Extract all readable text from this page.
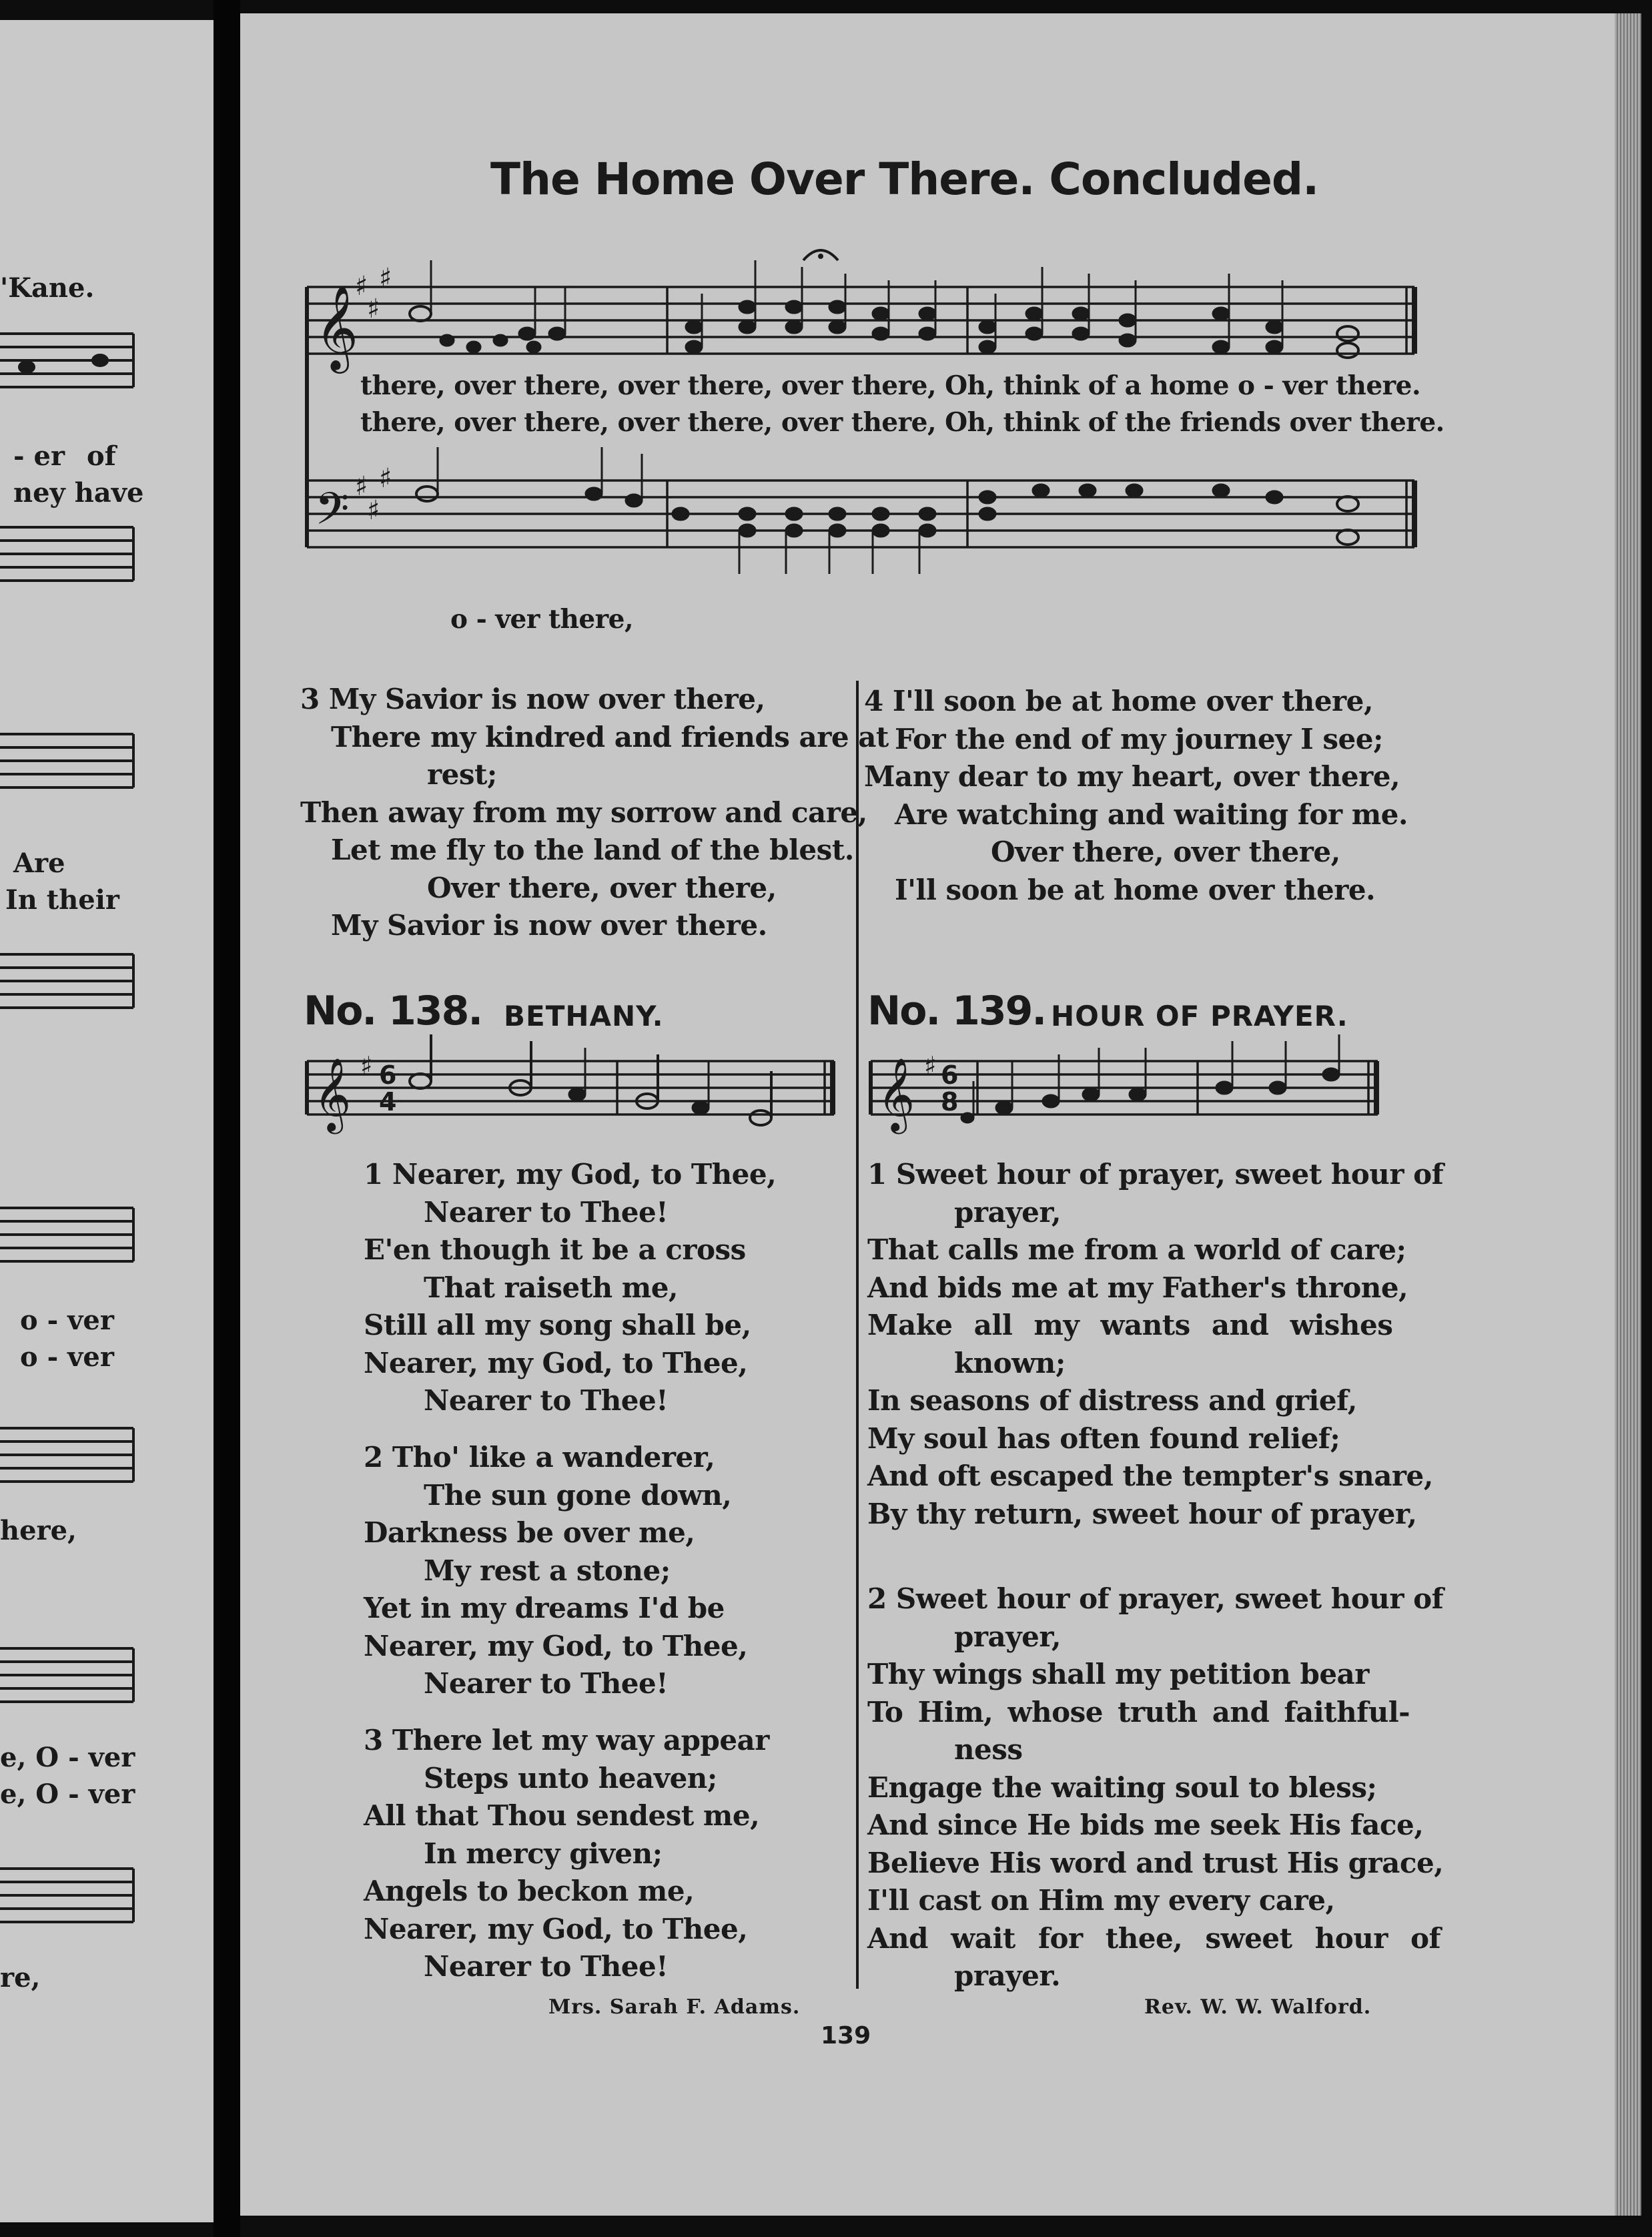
'Kane.
- er of
ney have
Are
In their
o - ver
o - ver
here,
e, O - ver
e, O - ver
re,
The Home Over There. Concluded.
𝄞
𝄢
♯
♯
♯
♯
♯
♯
there, over there, over there, over there, Oh, think of a home o - ver there.
there, over there, over there, over there, Oh, think of the friends over there.
o - ver there,
3 My Savior is now over there,
There my kindred and friends are at
rest;
Then away from my sorrow and care,
Let me fly to the land of the blest.
Over there, over there,
My Savior is now over there.
4 I'll soon be at home over there,
For the end of my journey I see;
Many dear to my heart, over there,
Are watching and waiting for me.
Over there, over there,
I'll soon be at home over there.
No. 138. BETHANY.
𝄞 ♯ 6
4
1 Nearer, my God, to Thee,
Nearer to Thee!
E'en though it be a cross
That raiseth me,
Still all my song shall be,
Nearer, my God, to Thee,
Nearer to Thee!
2 Tho' like a wanderer,
The sun gone down,
Darkness be over me,
My rest a stone;
Yet in my dreams I'd be
Nearer, my God, to Thee,
Nearer to Thee!
3 There let my way appear
Steps unto heaven;
All that Thou sendest me,
In mercy given;
Angels to beckon me,
Nearer, my God, to Thee,
Nearer to Thee!
Mrs. Sarah F. Adams.
No. 139. HOUR OF PRAYER.
𝄞 ♯ 6
8
1 Sweet hour of prayer, sweet hour of
prayer,
That calls me from a world of care;
And bids me at my Father's throne,
Make all my wants and wishes
known;
In seasons of distress and grief,
My soul has often found relief;
And oft escaped the tempter's snare,
By thy return, sweet hour of prayer,
2 Sweet hour of prayer, sweet hour of
prayer,
Thy wings shall my petition bear
To Him, whose truth and faithful-
ness
Engage the waiting soul to bless;
And since He bids me seek His face,
Believe His word and trust His grace,
I'll cast on Him my every care,
And wait for thee, sweet hour of
prayer.
Rev. W. W. Walford.
139
